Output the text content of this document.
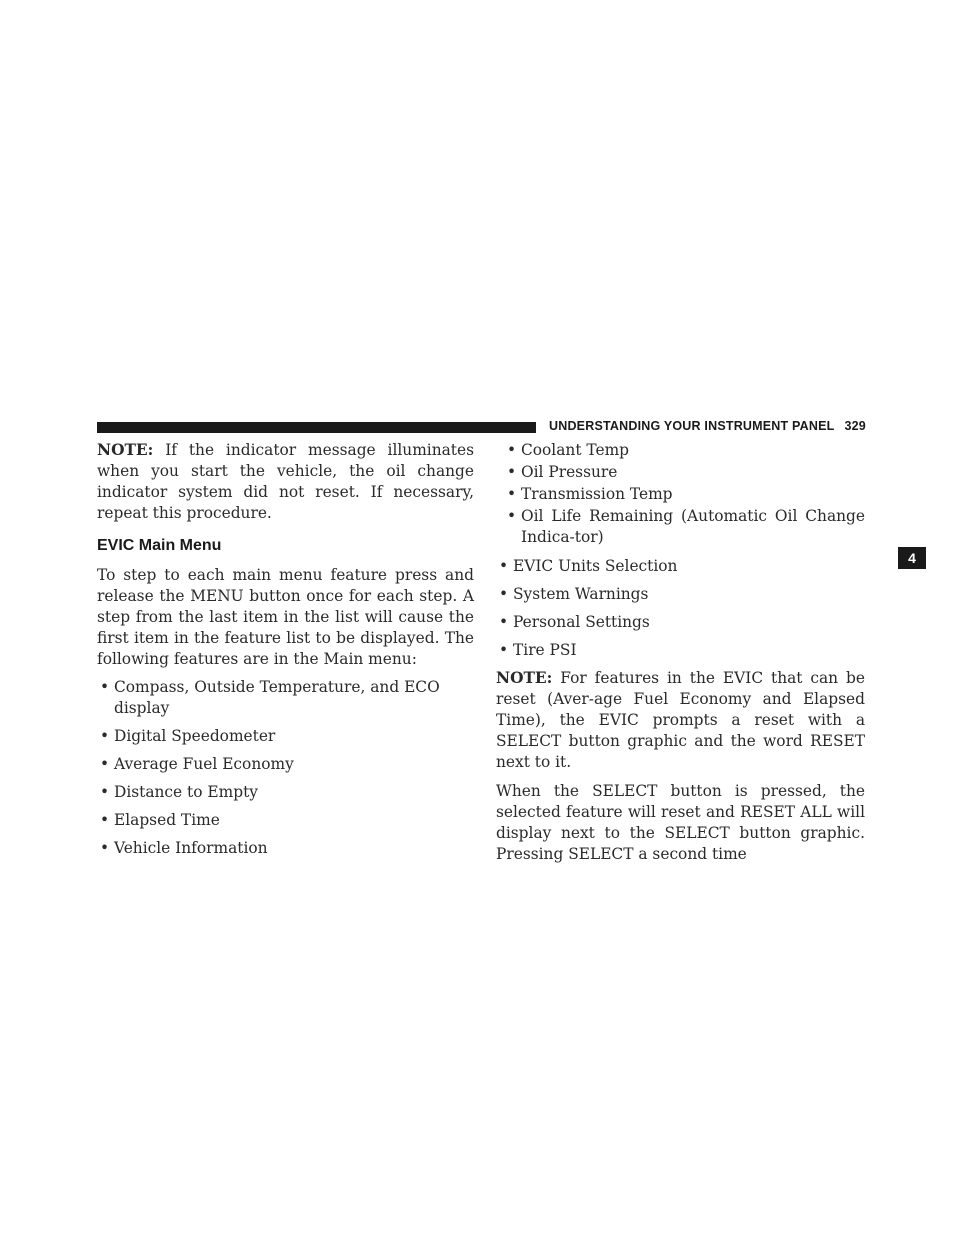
UNDERSTANDING YOUR INSTRUMENT PANEL 329
4

NOTE: If the indicator message illuminates when you start the vehicle, the oil change indicator system did not reset. If necessary, repeat this procedure.

EVIC Main Menu

To step to each main menu feature press and release the MENU button once for each step. A step from the last item in the list will cause the first item in the feature list to be displayed. The following features are in the Main menu:

• Compass, Outside Temperature, and ECO display
• Digital Speedometer
• Average Fuel Economy
• Distance to Empty
• Elapsed Time
• Vehicle Information
• Coolant Temp
• Oil Pressure
• Transmission Temp
• Oil Life Remaining (Automatic Oil Change Indica-tor)
• EVIC Units Selection
• System Warnings
• Personal Settings
• Tire PSI

NOTE: For features in the EVIC that can be reset (Aver-age Fuel Economy and Elapsed Time), the EVIC prompts a reset with a SELECT button graphic and the word RESET next to it.

When the SELECT button is pressed, the selected feature will reset and RESET ALL will display next to the SELECT button graphic. Pressing SELECT a second time
